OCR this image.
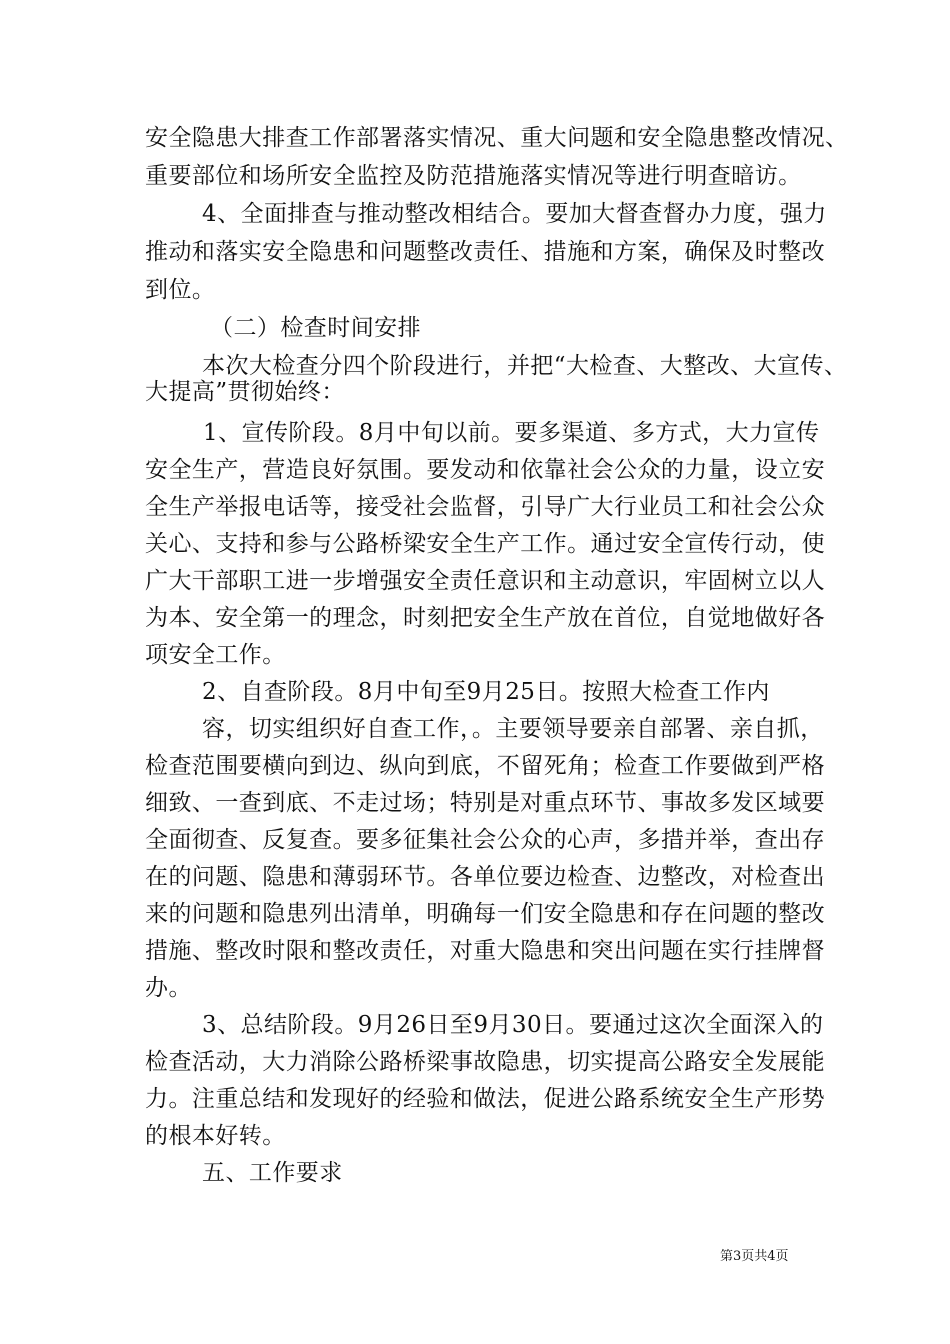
安全隐患大排查工作部署落实情况、重大问题和安全隐患整改情况、
重要部位和场所安全监控及防范措施落实情况等进行明查暗访。
4、全面排查与推动整改相结合。要加大督查督办力度，强力
推动和落实安全隐患和问题整改责任、措施和方案，确保及时整改
到位。
（二）检查时间安排
本次大检查分四个阶段进行，并把“大检查、大整改、大宣传、
大提高”贯彻始终：
1、宣传阶段。8月中旬以前。要多渠道、多方式，大力宣传
安全生产，营造良好氛围。要发动和依靠社会公众的力量，设立安
全生产举报电话等，接受社会监督，引导广大行业员工和社会公众
关心、支持和参与公路桥梁安全生产工作。通过安全宣传行动，使
广大干部职工进一步增强安全责任意识和主动意识，牢固树立以人
为本、安全第一的理念，时刻把安全生产放在首位，自觉地做好各
项安全工作。
2、自查阶段。8月中旬至9月25日。按照大检查工作内
容，切实组织好自查工作，。主要领导要亲自部署、亲自抓，
检查范围要横向到边、纵向到底，不留死角；检查工作要做到严格
细致、一查到底、不走过场；特别是对重点环节、事故多发区域要
全面彻查、反复查。要多征集社会公众的心声，多措并举，查出存
在的问题、隐患和薄弱环节。各单位要边检查、边整改，对检查出
来的问题和隐患列出清单，明确每一们安全隐患和存在问题的整改
措施、整改时限和整改责任，对重大隐患和突出问题在实行挂牌督
办。
3、总结阶段。9月26日至9月30日。要通过这次全面深入的
检查活动，大力消除公路桥梁事故隐患，切实提高公路安全发展能
力。注重总结和发现好的经验和做法，促进公路系统安全生产形势
的根本好转。
五、工作要求
第3页共4页
